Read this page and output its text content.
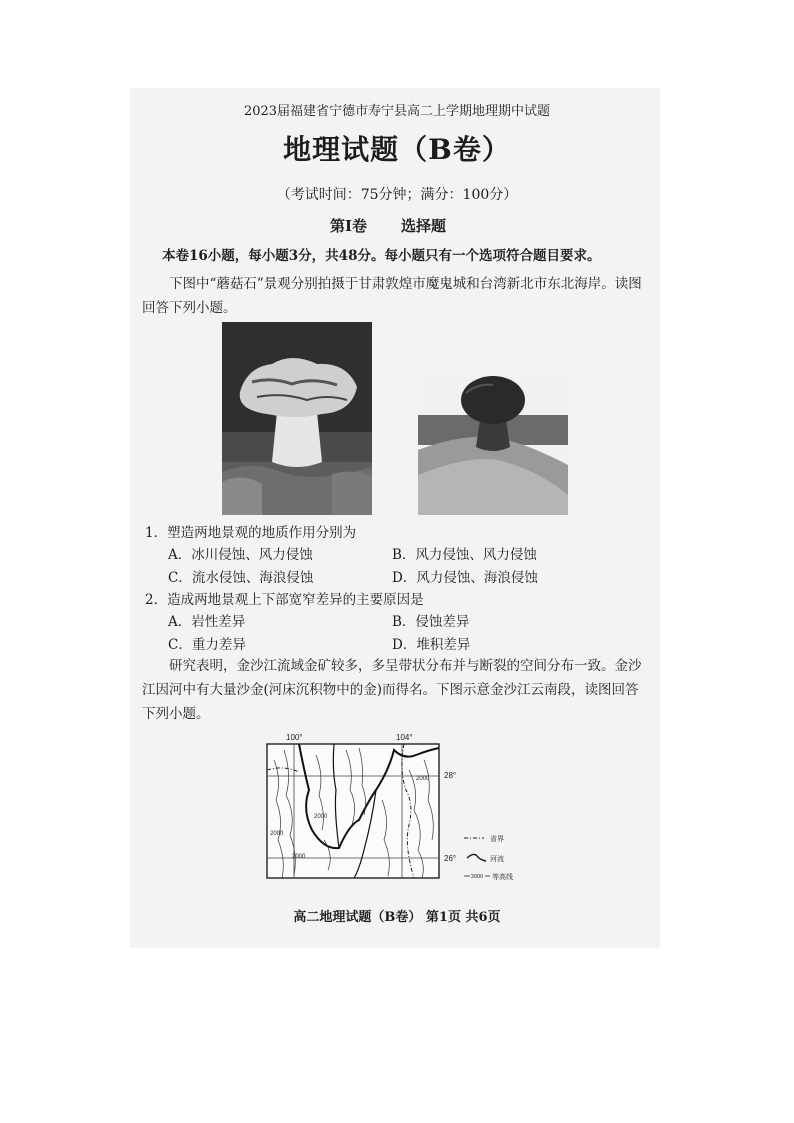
2023届福建省宁德市寿宁县高二上学期地理期中试题
地理试题（B卷）
（考试时间：75分钟；满分：100分）
第Ⅰ卷 选择题
本卷16小题，每小题3分，共48分。每小题只有一个选项符合题目要求。
下图中“蘑菇石”景观分别拍摄于甘肃敦煌市魔鬼城和台湾新北市东北海岸。读图回答下列小题。
1．塑造两地景观的地质作用分别为
A．冰川侵蚀、风力侵蚀	B．风力侵蚀、风力侵蚀
C．流水侵蚀、海浪侵蚀	D．风力侵蚀、海浪侵蚀
2．造成两地景观上下部宽窄差异的主要原因是
A．岩性差异	B．侵蚀差异
C．重力差异	D．堆积差异
研究表明，金沙江流域金矿较多，多呈带状分布并与断裂的空间分布一致。金沙江因河中有大量沙金(河床沉积物中的金)而得名。下图示意金沙江云南段，读图回答下列小题。
100°	104°
28°
26°
2000
2000
2000
2000
省界
河流
2000 等高线
高二地理试题（B卷） 第1页 共6页
